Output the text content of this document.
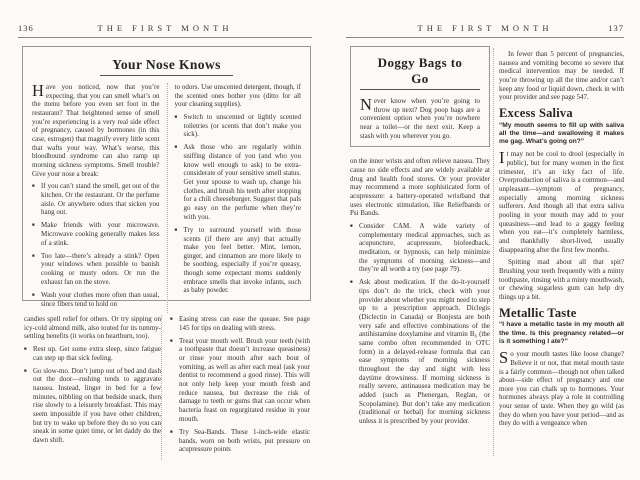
136	THE FIRST MONTH
Your Nose Knows

Have you noticed, now that you’re expecting, that you can smell what’s on the menu before you even set foot in the restaurant? That heightened sense of smell you’re experiencing is a very real side effect of pregnancy, caused by hormones (in this case, estrogen) that magnify every little scent that wafts your way. What’s worse, this bloodhound syndrome can also ramp up morning sickness symptoms. Smell trouble? Give your nose a break:

■ If you can’t stand the smell, get out of the kitchen. Or the restaurant. Or the perfume aisle. Or anywhere odors that sicken you hang out.
■ Make friends with your microwave. Microwave cooking generally makes less of a stink.
■ Too late—there’s already a stink? Open your windows when possible to banish cooking or musty odors. Or run the exhaust fan on the stove.
■ Wash your clothes more often than usual, since fibers tend to hold on

to odors. Use unscented detergent, though, if the scented ones bother you (ditto for all your cleaning supplies).

■ Switch to unscented or lightly scented toiletries (or scents that don’t make you sick).
■ Ask those who are regularly within sniffing distance of you (and who you know well enough to ask) to be extra-considerate of your sensitive smell status. Get your spouse to wash up, change his clothes, and brush his teeth after stopping for a chili cheeseburger. Suggest that pals go easy on the perfume when they’re with you.
■ Try to surround yourself with those scents (if there are any) that actually make you feel better. Mint, lemon, ginger, and cinnamon are more likely to be soothing, especially if you’re queasy, though some expectant moms suddenly embrace smells that invoke infants, such as baby powder.

candies spell relief for others. Or try sipping on icy-cold almond milk, also touted for its tummy-settling benefits (it works on heartburn, too).

■ Rest up. Get some extra sleep, since fatigue can step up that sick feeling.
■ Go slow-mo. Don’t jump out of bed and dash out the door—rushing tends to aggravate nausea. Instead, linger in bed for a few minutes, nibbling on that bedside snack, then rise slowly to a leisurely breakfast. This may seem impossible if you have other children, but try to wake up before they do so you can sneak in some quiet time, or let daddy do the dawn shift.
■ Easing stress can ease the quease. See page 145 for tips on dealing with stress.
■ Treat your mouth well. Brush your teeth (with a toothpaste that doesn’t increase queasiness) or rinse your mouth after each bout of vomiting, as well as after each meal (ask your dentist to recommend a good rinse). This will not only help keep your mouth fresh and reduce nausea, but decrease the risk of damage to teeth or gums that can occur when bacteria feast on regurgitated residue in your mouth.
■ Try Sea-Bands. These 1-inch-wide elastic bands, worn on both wrists, put pressure on acupressure points
THE FIRST MONTH	137
Doggy Bags to Go

Never know when you’re going to throw up next? Dog poop bags are a convenient option when you’re nowhere near a toilet—or the next exit. Keep a stash with you wherever you go.

on the inner wrists and often relieve nausea. They cause no side effects and are widely available at drug and health food stores. Or your provider may recommend a more sophisticated form of acupressure: a battery-operated wristband that uses electronic stimulation, like Reliefbands or Psi Bands.

■ Consider CAM. A wide variety of complementary medical approaches, such as acupuncture, acupressure, biofeedback, meditation, or hypnosis, can help minimize the symptoms of morning sickness—and they’re all worth a try (see page 79).
■ Ask about medication. If the do-it-yourself tips don’t do the trick, check with your provider about whether you might need to step up to a prescription approach. Diclegis (Diclectin in Canada) or Bonjesta are both very safe and effective combinations of the antihistamine doxylamine and vitamin B₆ (the same combo often recommended in OTC form) in a delayed-release formula that can ease symptoms of morning sickness throughout the day and night with less daytime drowsiness. If morning sickness is really severe, antinausea medication may be added (such as Phenergan, Reglan, or Scopolamine). But don’t take any medication (traditional or herbal) for morning sickness unless it is prescribed by your provider.

In fewer than 5 percent of pregnancies, nausea and vomiting become so severe that medical intervention may be needed. If you’re throwing up all the time and/or can’t keep any food or liquid down, check in with your provider and see page 547.

Excess Saliva

“My mouth seems to fill up with saliva all the time—and swallowing it makes me gag. What’s going on?”

It may not be cool to drool (especially in public), but for many women in the first trimester, it’s an icky fact of life. Overproduction of saliva is a common—and unpleasant—symptom of pregnancy, especially among morning sickness sufferers. And though all that extra saliva pooling in your mouth may add to your queasiness—and lead to a gaggy feeling when you eat—it’s completely harmless, and thankfully short-lived, usually disappearing after the first few months.

Spitting mad about all that spit? Brushing your teeth frequently with a minty toothpaste, rinsing with a minty mouthwash, or chewing sugarless gum can help dry things up a bit.

Metallic Taste

“I have a metallic taste in my mouth all the time. Is this pregnancy related—or is it something I ate?”

So your mouth tastes like loose change? Believe it or not, that metal mouth taste is a fairly common—though not often talked about—side effect of pregnancy and one more you can chalk up to hormones. Your hormones always play a role in controlling your sense of taste. When they go wild (as they do when you have your period—and as they do with a vengeance when
